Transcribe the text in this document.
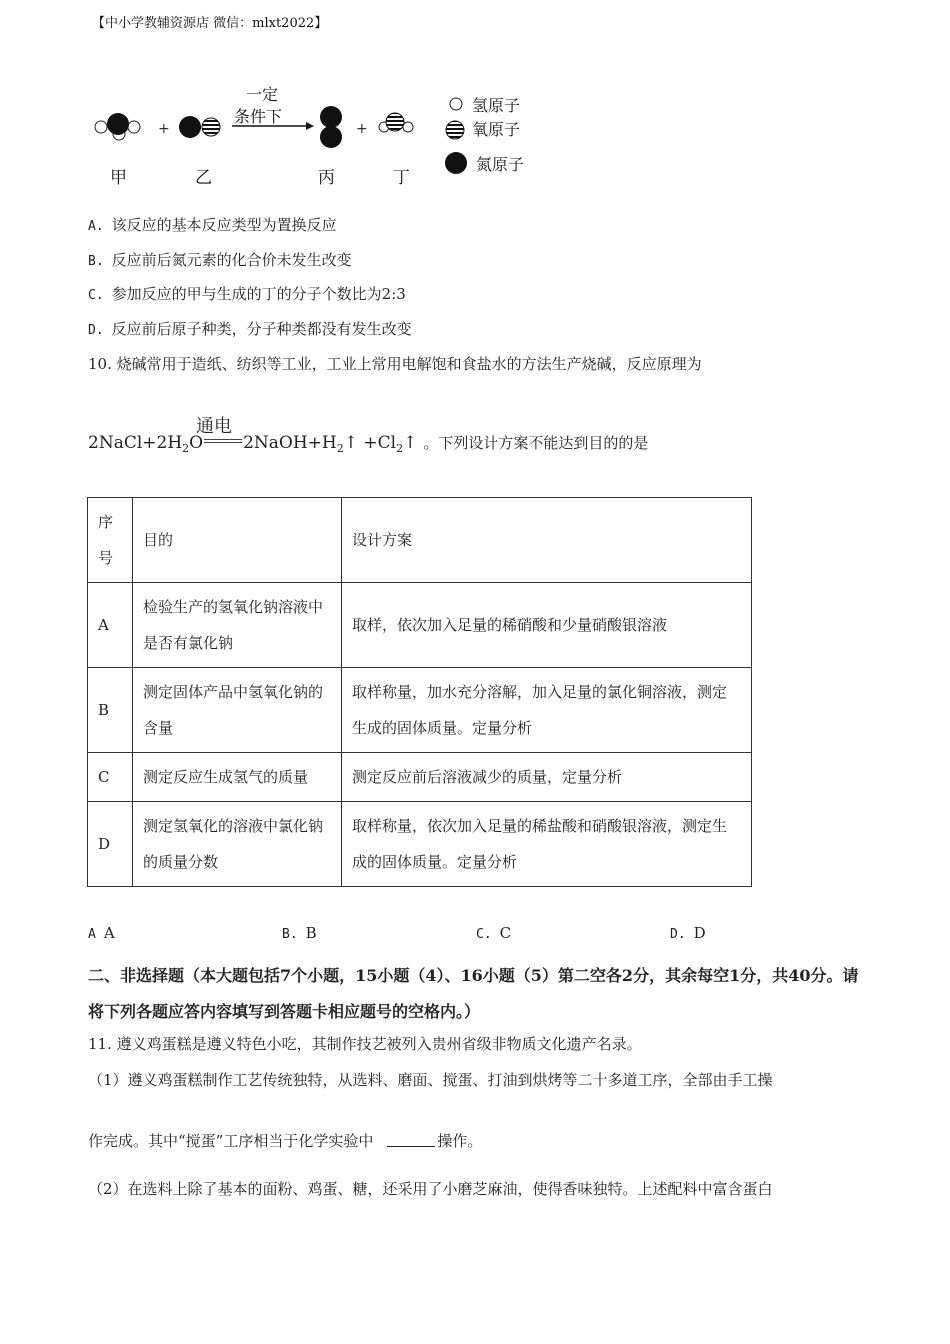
【中小学教辅资源店 微信：mlxt2022】
+
一定
条件下
+
甲	乙	丙	丁
氢原子
氧原子
氮原子
A. 该反应的基本反应类型为置换反应
B. 反应前后氮元素的化合价未发生改变
C. 参加反应的甲与生成的丁的分子个数比为2:3
D. 反应前后原子种类，分子种类都没有发生改变
10. 烧碱常用于造纸、纺织等工业，工业上常用电解饱和食盐水的方法生产烧碱，反应原理为
通电
$2NaCl+2H_2O$ $2NaOH+H_2↑$ $+Cl_2↑$ 。下列设计方案不能达到目的的是
序号	目的	设计方案
A	检验生产的氢氧化钠溶液中是否有氯化钠	取样，依次加入足量的稀硝酸和少量硝酸银溶液
B	测定固体产品中氢氧化钠的含量	取样称量，加水充分溶解，加入足量的氯化铜溶液，测定生成的固体质量。定量分析
C	测定反应生成氢气的质量	测定反应前后溶液减少的质量，定量分析
D	测定氢氧化的溶液中氯化钠的质量分数	取样称量，依次加入足量的稀盐酸和硝酸银溶液，测定生成的固体质量。定量分析
A A	B. B	C. C	D. D
二、非选择题（本大题包括7个小题，15小题（4）、16小题（5）第二空各2分，其余每空1分，共40分。请将下列各题应答内容填写到答题卡相应题号的空格内。）
11. 遵义鸡蛋糕是遵义特色小吃，其制作技艺被列入贵州省级非物质文化遗产名录。
（1）遵义鸡蛋糕制作工艺传统独特，从选料、磨面、搅蛋、打油到烘烤等二十多道工序，全部由手工操
作完成。其中“搅蛋”工序相当于化学实验中	操作。
（2）在选料上除了基本的面粉、鸡蛋、糖，还采用了小磨芝麻油，使得香味独特。上述配料中富含蛋白
